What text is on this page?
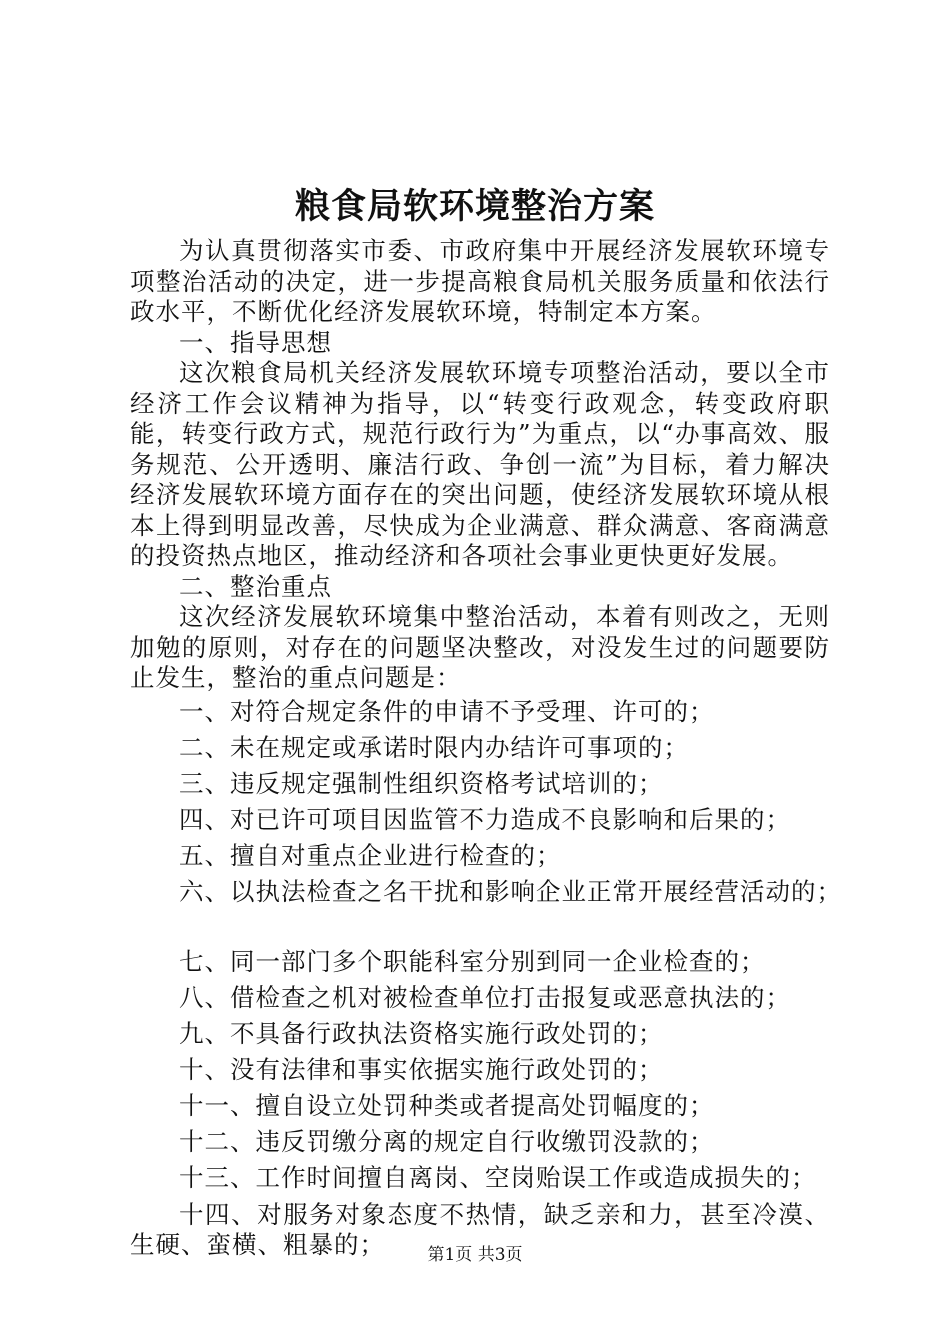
粮食局软环境整治方案

为认真贯彻落实市委、市政府集中开展经济发展软环境专项整治活动的决定，进一步提高粮食局机关服务质量和依法行政水平，不断优化经济发展软环境，特制定本方案。

一、指导思想

这次粮食局机关经济发展软环境专项整治活动，要以全市经济工作会议精神为指导，以“转变行政观念，转变政府职能，转变行政方式，规范行政行为”为重点，以“办事高效、服务规范、公开透明、廉洁行政、争创一流”为目标，着力解决经济发展软环境方面存在的突出问题，使经济发展软环境从根本上得到明显改善，尽快成为企业满意、群众满意、客商满意的投资热点地区，推动经济和各项社会事业更快更好发展。

二、整治重点

这次经济发展软环境集中整治活动，本着有则改之，无则加勉的原则，对存在的问题坚决整改，对没发生过的问题要防止发生，整治的重点问题是：

一、对符合规定条件的申请不予受理、许可的；

二、未在规定或承诺时限内办结许可事项的；

三、违反规定强制性组织资格考试培训的；

四、对已许可项目因监管不力造成不良影响和后果的；

五、擅自对重点企业进行检查的；

六、以执法检查之名干扰和影响企业正常开展经营活动的；

七、同一部门多个职能科室分别到同一企业检查的；

八、借检查之机对被检查单位打击报复或恶意执法的；

九、不具备行政执法资格实施行政处罚的；

十、没有法律和事实依据实施行政处罚的；

十一、擅自设立处罚种类或者提高处罚幅度的；

十二、违反罚缴分离的规定自行收缴罚没款的；

十三、工作时间擅自离岗、空岗贻误工作或造成损失的；

十四、对服务对象态度不热情，缺乏亲和力，甚至冷漠、生硬、蛮横、粗暴的；	第1页 共3页
